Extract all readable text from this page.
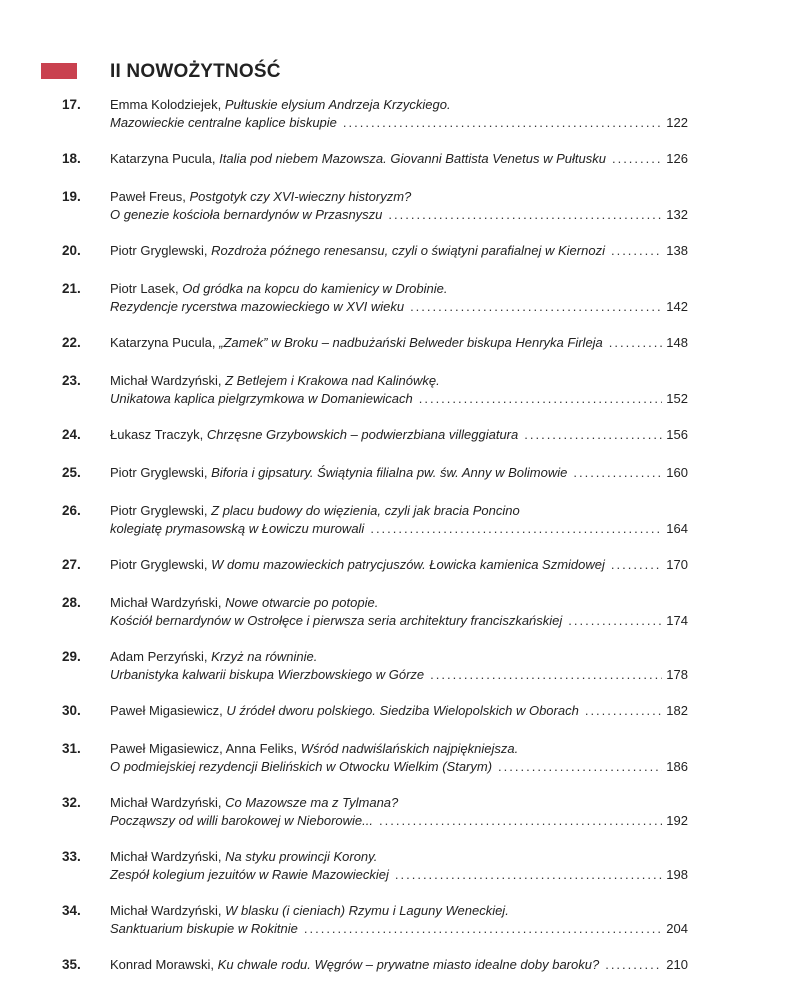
II NOWOŻYTNOŚĆ
17. Emma Kolodziejek, Pułtuskie elysium Andrzeja Krzyckiego.
Mazowieckie centralne kaplice biskupie .....	122
18. Katarzyna Pucula, Italia pod niebem Mazowsza. Giovanni Battista Venetus w Pułtusku .....	126
19. Paweł Freus, Postgotyk czy XVI-wieczny historyzm?
O genezie kościoła bernardynów w Przasnyszu .....	132
20. Piotr Gryglewski, Rozdroża późnego renesansu, czyli o świątyni parafialnej w Kiernozi .....	138
21. Piotr Lasek, Od gródka na kopcu do kamienicy w Drobinie.
Rezydencje rycerstwa mazowieckiego w XVI wieku .....	142
22. Katarzyna Pucula, „Zamek” w Broku – nadbużański Belweder biskupa Henryka Firleja .....	148
23. Michał Wardzyński, Z Betlejem i Krakowa nad Kalinówkę.
Unikatowa kaplica pielgrzymkowa w Domaniewicach .....	152
24. Łukasz Traczyk, Chrzęsne Grzybowskich – podwierzbiana villeggiatura .....	156
25. Piotr Gryglewski, Biforia i gipsatury. Świątynia filialna pw. św. Anny w Bolimowie .....	160
26. Piotr Gryglewski, Z placu budowy do więzienia, czyli jak bracia Poncino
kolegiatę prymasowską w Łowiczu murowali .....	164
27. Piotr Gryglewski, W domu mazowieckich patrycjuszów. Łowicka kamienica Szmidowej .....	170
28. Michał Wardzyński, Nowe otwarcie po potopie.
Kościół bernardynów w Ostrołęce i pierwsza seria architektury franciszkańskiej .....	174
29. Adam Perzyński, Krzyż na równinie.
Urbanistyka kalwarii biskupa Wierzbowskiego w Górze .....	178
30. Paweł Migasiewicz, U źródeł dworu polskiego. Siedziba Wielopolskich w Oborach .....	182
31. Paweł Migasiewicz, Anna Feliks, Wśród nadwiślańskich najpiękniejsza.
O podmiejskiej rezydencji Bielińskich w Otwocku Wielkim (Starym) .....	186
32. Michał Wardzyński, Co Mazowsze ma z Tylmana?
Począwszy od willi barokowej w Nieborowie... .....	192
33. Michał Wardzyński, Na styku prowincji Korony.
Zespół kolegium jezuitów w Rawie Mazowieckiej .....	198
34. Michał Wardzyński, W blasku (i cieniach) Rzymu i Laguny Weneckiej.
Sanktuarium biskupie w Rokitnie .....	204
35. Konrad Morawski, Ku chwale rodu. Węgrów – prywatne miasto idealne doby baroku? .....	210
